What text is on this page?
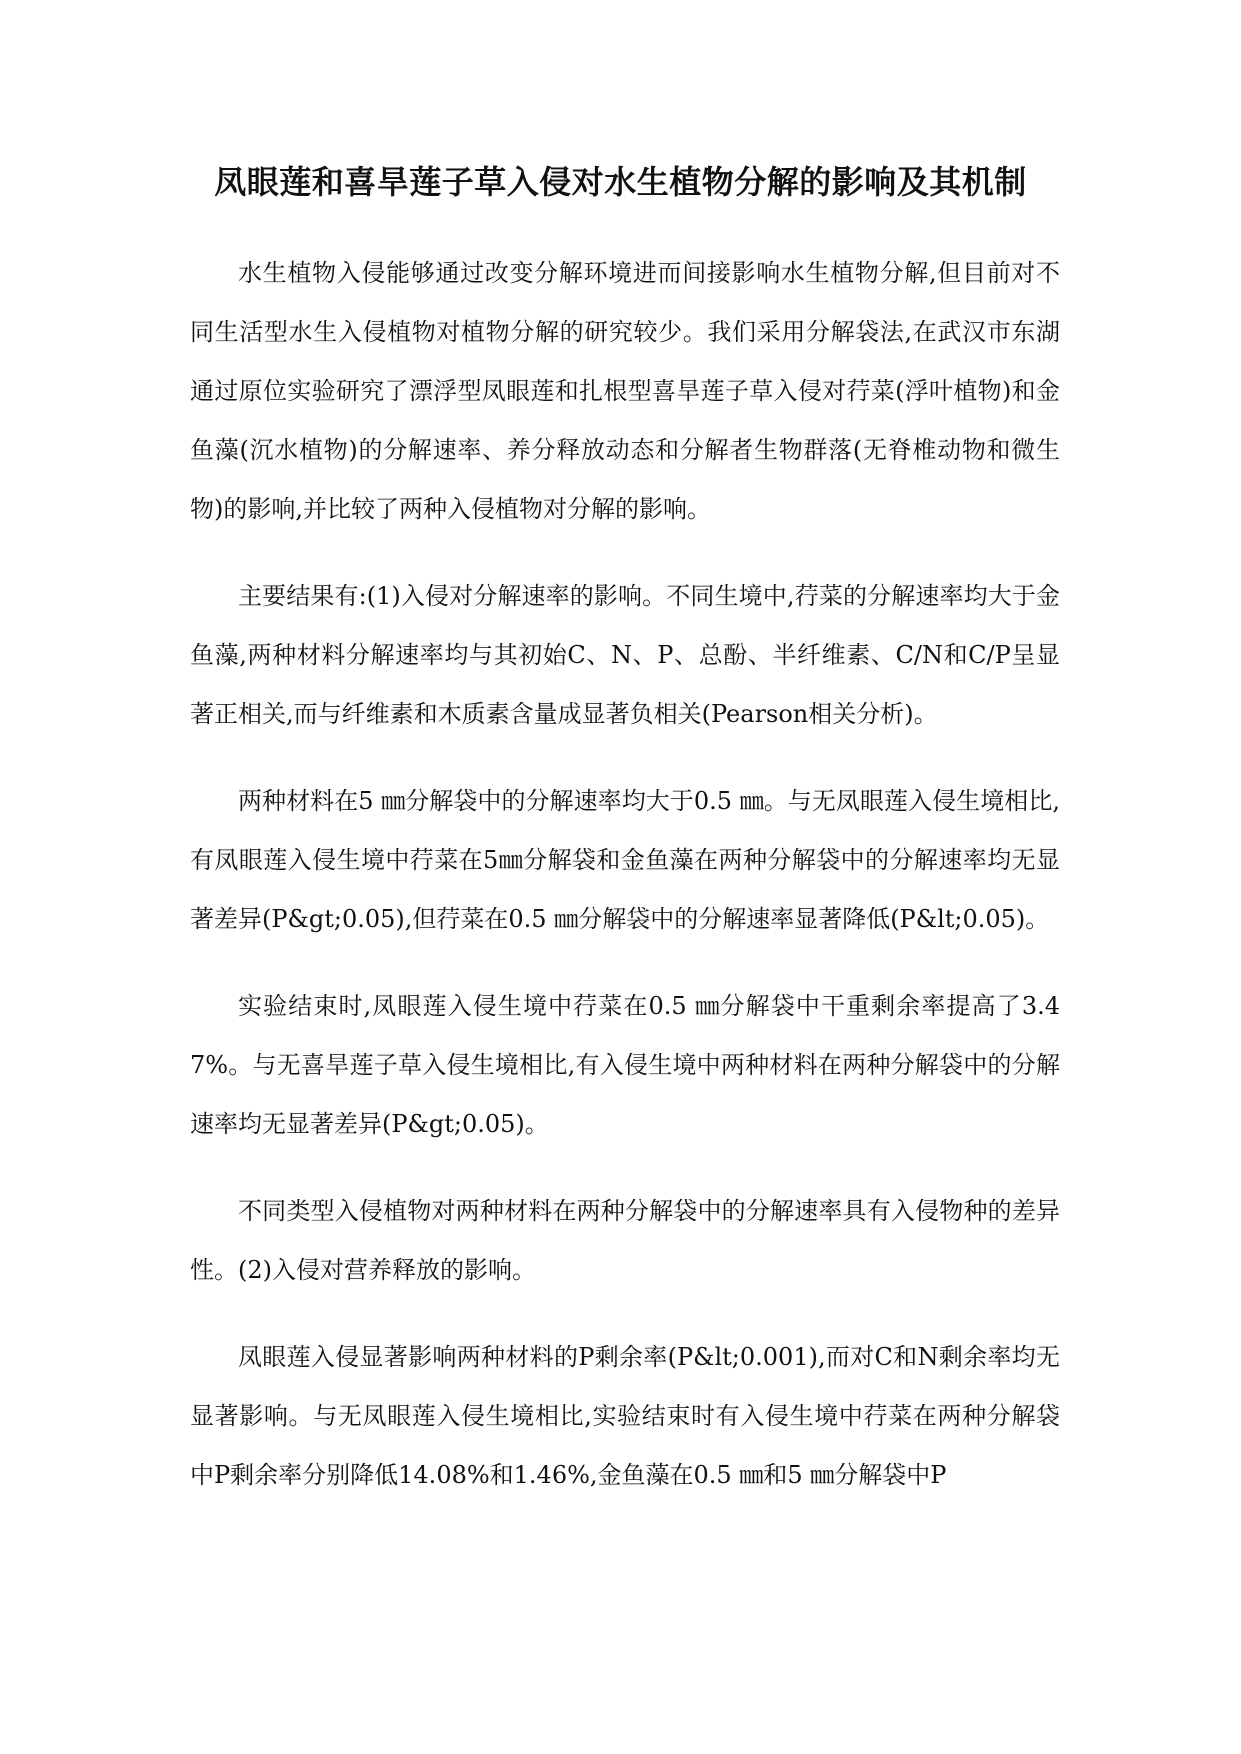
凤眼莲和喜旱莲子草入侵对水生植物分解的影响及其机制

水生植物入侵能够通过改变分解环境进而间接影响水生植物分解,但目前对不同生活型水生入侵植物对植物分解的研究较少。我们采用分解袋法,在武汉市东湖通过原位实验研究了漂浮型凤眼莲和扎根型喜旱莲子草入侵对荇菜(浮叶植物)和金鱼藻(沉水植物)的分解速率、养分释放动态和分解者生物群落(无脊椎动物和微生物)的影响,并比较了两种入侵植物对分解的影响。

主要结果有:(1)入侵对分解速率的影响。不同生境中,荇菜的分解速率均大于金鱼藻,两种材料分解速率均与其初始C、N、P、总酚、半纤维素、C/N和C/P呈显著正相关,而与纤维素和木质素含量成显著负相关(Pearson相关分析)。

两种材料在5 ㎜分解袋中的分解速率均大于0.5 ㎜。与无凤眼莲入侵生境相比,有凤眼莲入侵生境中荇菜在5㎜分解袋和金鱼藻在两种分解袋中的分解速率均无显著差异(P&gt;0.05),但荇菜在0.5 ㎜分解袋中的分解速率显著降低(P&lt;0.05)。

实验结束时,凤眼莲入侵生境中荇菜在0.5 ㎜分解袋中干重剩余率提高了3.47%。与无喜旱莲子草入侵生境相比,有入侵生境中两种材料在两种分解袋中的分解速率均无显著差异(P&gt;0.05)。

不同类型入侵植物对两种材料在两种分解袋中的分解速率具有入侵物种的差异性。(2)入侵对营养释放的影响。

凤眼莲入侵显著影响两种材料的P剩余率(P&lt;0.001),而对C和N剩余率均无显著影响。与无凤眼莲入侵生境相比,实验结束时有入侵生境中荇菜在两种分解袋中P剩余率分别降低14.08%和1.46%,金鱼藻在0.5 ㎜和5 ㎜分解袋中P
